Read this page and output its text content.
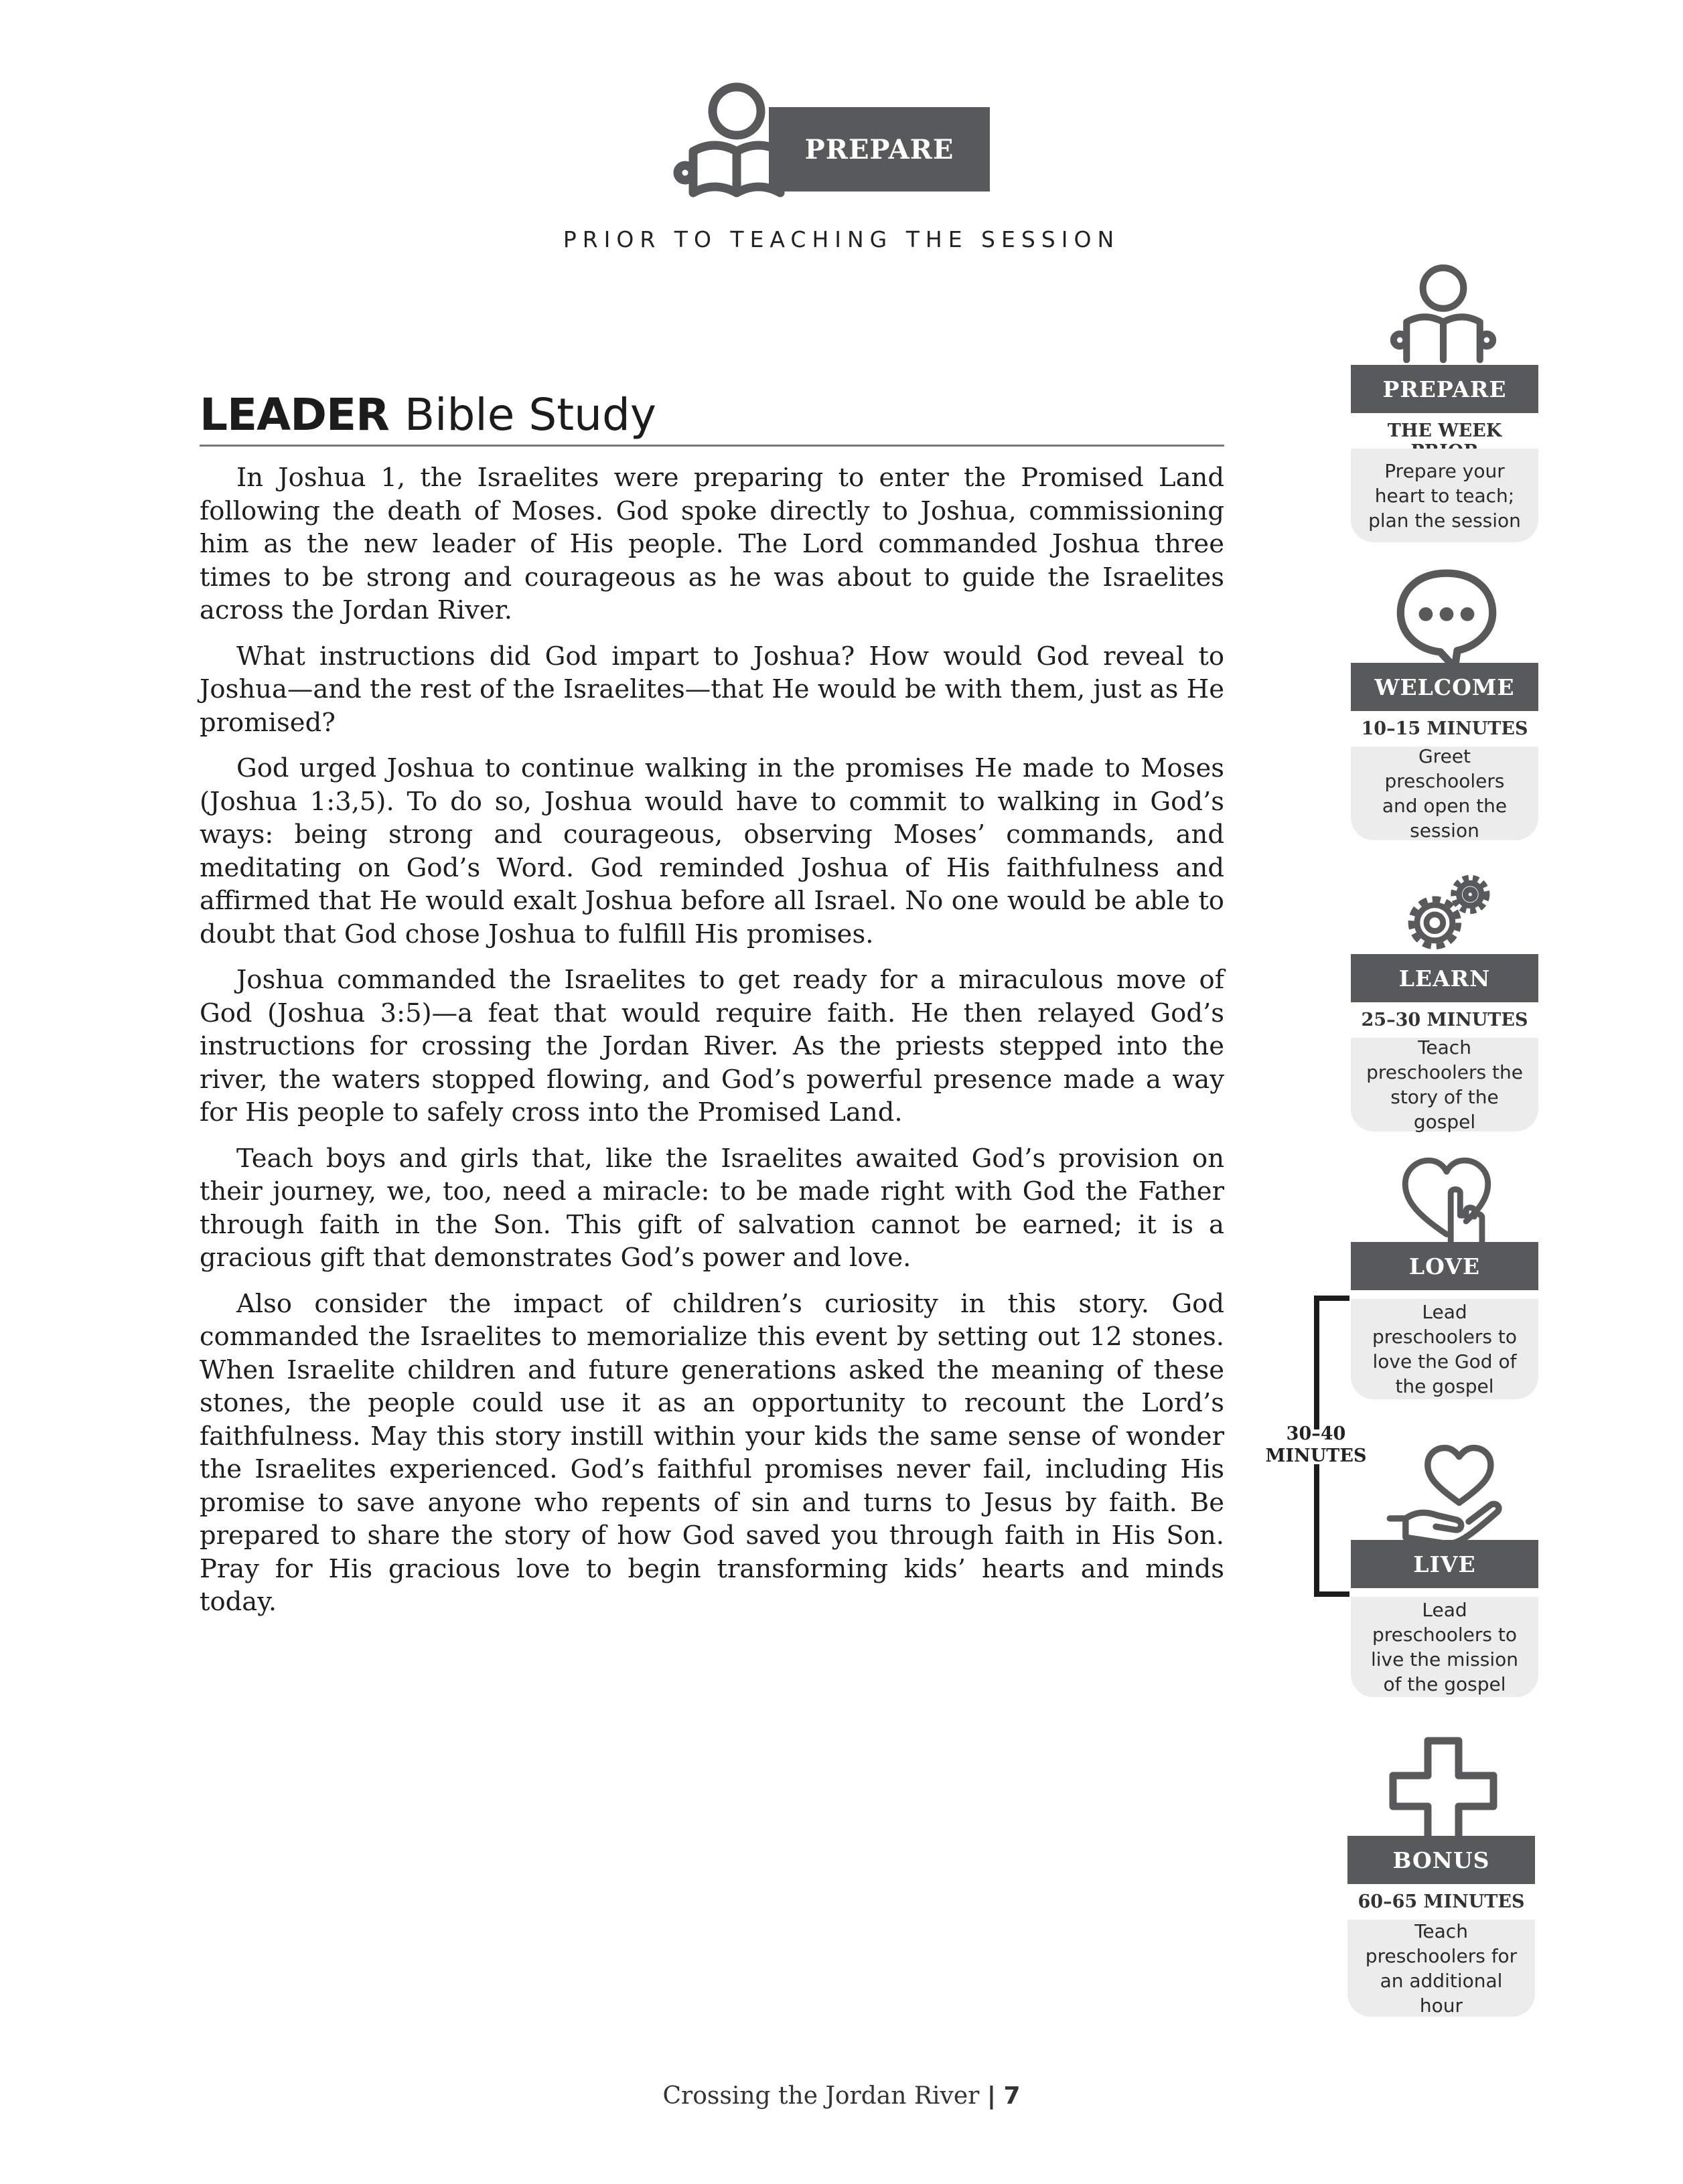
PREPARE
PRIOR TO TEACHING THE SESSION
LEADER Bible Study

In Joshua 1, the Israelites were preparing to enter the Promised Land following the death of Moses. God spoke directly to Joshua, commissioning him as the new leader of His people. The Lord commanded Joshua three times to be strong and courageous as he was about to guide the Israelites across the Jordan River.

What instructions did God impart to Joshua? How would God reveal to Joshua—and the rest of the Israelites—that He would be with them, just as He promised?

God urged Joshua to continue walking in the promises He made to Moses (Joshua 1:3,5). To do so, Joshua would have to commit to walking in God’s ways: being strong and courageous, observing Moses’ commands, and meditating on God’s Word. God reminded Joshua of His faithfulness and affirmed that He would exalt Joshua before all Israel. No one would be able to doubt that God chose Joshua to fulfill His promises.

Joshua commanded the Israelites to get ready for a miraculous move of God (Joshua 3:5)—a feat that would require faith. He then relayed God’s instructions for crossing the Jordan River. As the priests stepped into the river, the waters stopped flowing, and God’s powerful presence made a way for His people to safely cross into the Promised Land.

Teach boys and girls that, like the Israelites awaited God’s provision on their journey, we, too, need a miracle: to be made right with God the Father through faith in the Son. This gift of salvation cannot be earned; it is a gracious gift that demonstrates God’s power and love.

Also consider the impact of children’s curiosity in this story. God commanded the Israelites to memorialize this event by setting out 12 stones. When Israelite children and future generations asked the meaning of these stones, the people could use it as an opportunity to recount the Lord’s faithfulness. May this story instill within your kids the same sense of wonder the Israelites experienced. God’s faithful promises never fail, including His promise to save anyone who repents of sin and turns to Jesus by faith. Be prepared to share the story of how God saved you through faith in His Son. Pray for His gracious love to begin transforming kids’ hearts and minds today.

PREPARE
THE WEEK
Prepare your heart to teach; plan the session
WELCOME
10–15 MINUTES
Greet preschoolers and open the session
LEARN
25–30 MINUTES
Teach preschoolers the story of the gospel
LOVE
Lead preschoolers to love the God of the gospel
30–40
MINUTES
LIVE
Lead preschoolers to live the mission of the gospel
BONUS
60–65 MINUTES
Teach preschoolers for an additional hour
Crossing the Jordan River | 7
